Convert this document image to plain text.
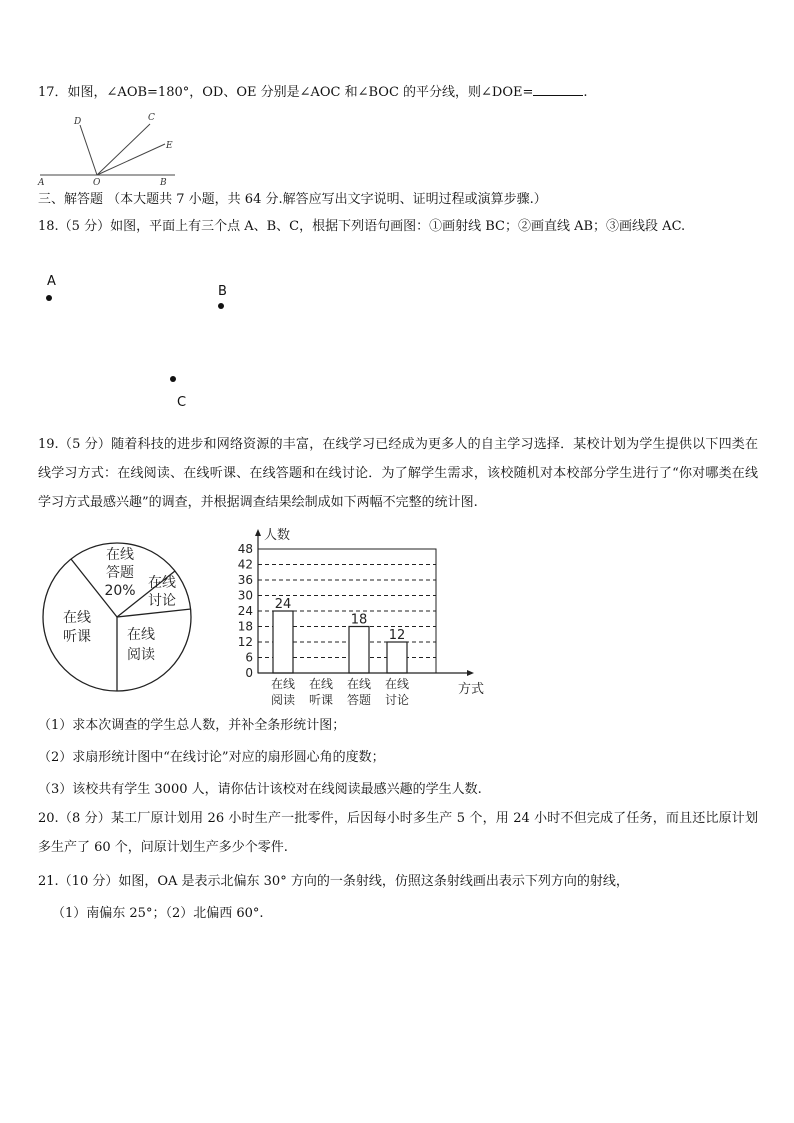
17．如图，∠AOB=180°，OD、OE 分别是∠AOC 和∠BOC 的平分线，则∠DOE=	.
A	O	B
D	C
E
三、解答题 （本大题共 7 小题，共 64 分.解答应写出文字说明、证明过程或演算步骤.）
18.（5 分）如图，平面上有三个点 A、B、C，根据下列语句画图：①画射线 BC；②画直线 AB；③画线段 AC.
A
B
C
19.（5 分）随着科技的进步和网络资源的丰富，在线学习已经成为更多人的自主学习选择．某校计划为学生提供以下四类在线学习方式：在线阅读、在线听课、在线答题和在线讨论．为了解学生需求，该校随机对本校部分学生进行了“你对哪类在线学习方式最感兴趣”的调查，并根据调查结果绘制成如下两幅不完整的统计图.
在线
答题
20% 在线
讨论
在线
阅读
在线
听课
24
18
12
0
6
12
18
24
30
36
42
48
在线
阅读
在线
听课
在线
答题
在线
讨论
人数
方式
（1）求本次调查的学生总人数，并补全条形统计图；
（2）求扇形统计图中“在线讨论”对应的扇形圆心角的度数；
（3）该校共有学生 3000 人，请你估计该校对在线阅读最感兴趣的学生人数.
20.（8 分）某工厂原计划用 26 小时生产一批零件，后因每小时多生产 5 个，用 24 小时不但完成了任务，而且还比原计划多生产了 60 个，问原计划生产多少个零件.
21.（10 分）如图，OA 是表示北偏东 30° 方向的一条射线，仿照这条射线画出表示下列方向的射线，
（1）南偏东 25°；（2）北偏西 60°.
